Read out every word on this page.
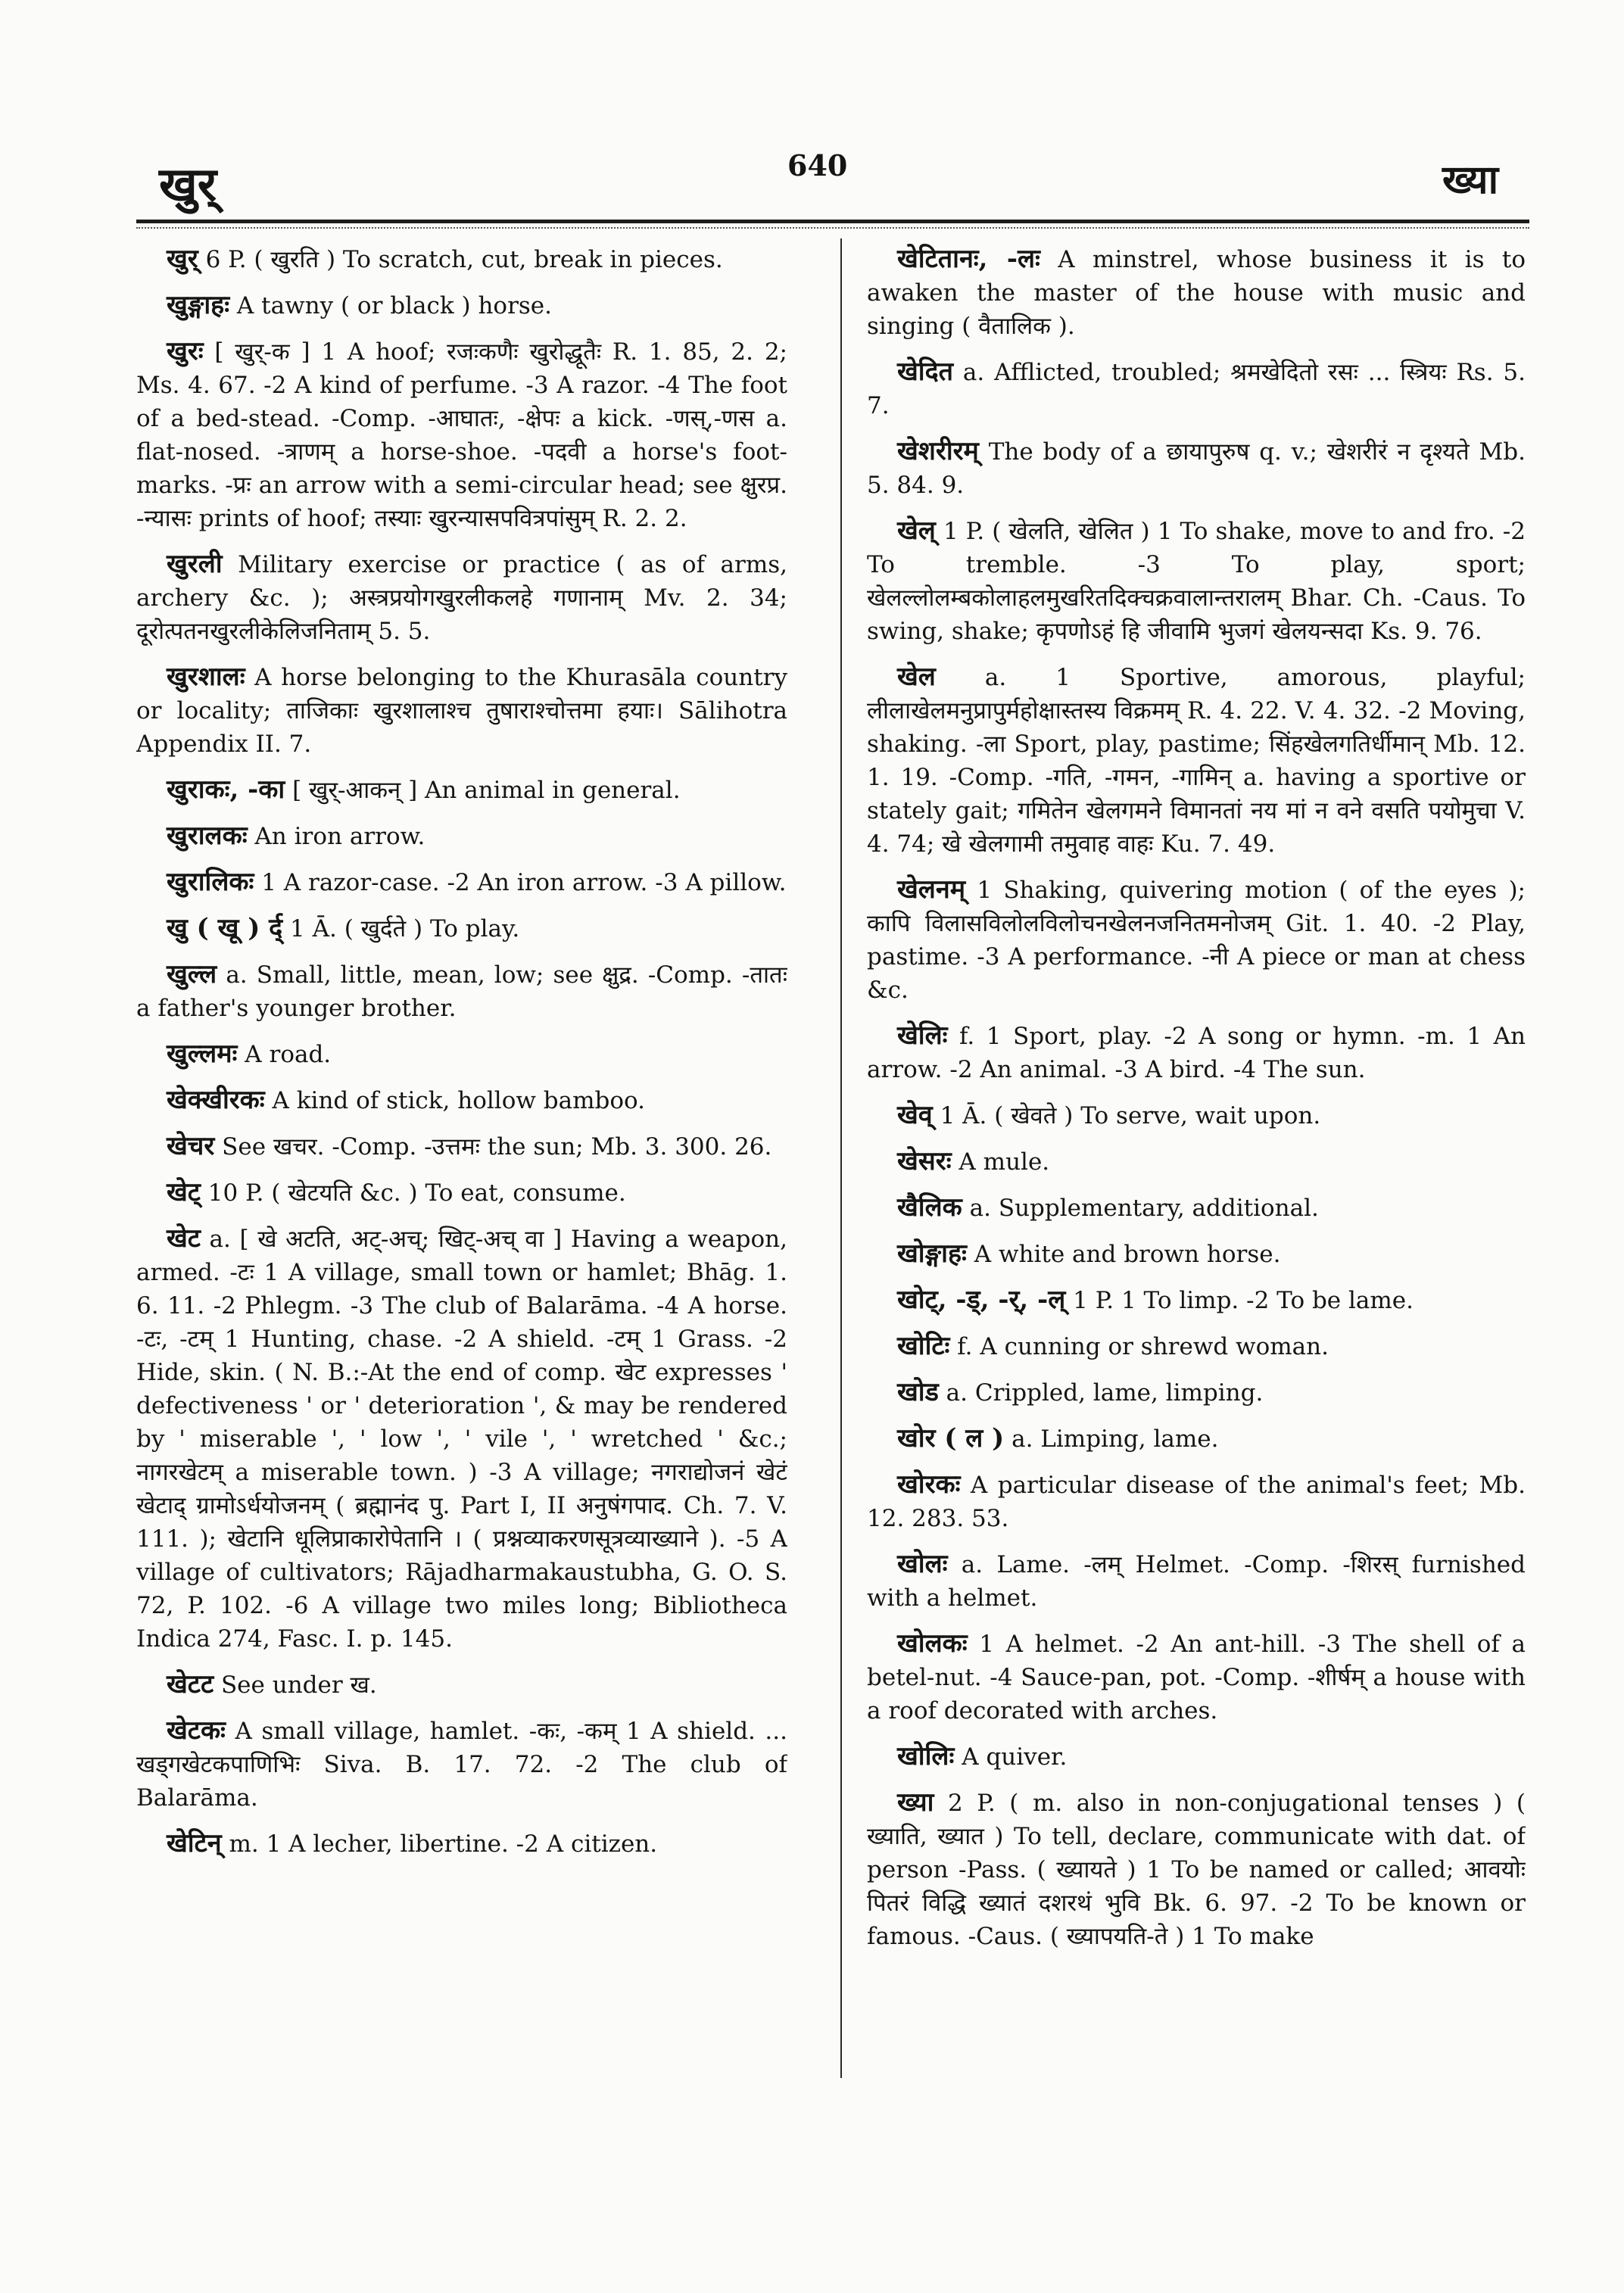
खुर्	640	ख्या

खुर् 6 P. ( खुरति ) To scratch, cut, break in pieces.

खुङ्गाहः A tawny ( or black ) horse.

खुरः [ खुर्-क ] 1 A hoof; रजःकणैः खुरोद्धूतैः R. 1. 85, 2. 2; Ms. 4. 67. -2 A kind of perfume. -3 A razor. -4 The foot of a bed-stead. -Comp. -आघातः, -क्षेपः a kick. -णस्,-णस a. flat-nosed. -त्राणम् a horse-shoe. -पदवी a horse's foot-marks. -प्रः an arrow with a semi-circular head; see क्षुरप्र. -न्यासः prints of hoof; तस्याः खुरन्यासपवित्रपांसुम् R. 2. 2.

खुरली Military exercise or practice ( as of arms, archery &c. ); अस्त्रप्रयोगखुरलीकलहे गणानाम् Mv. 2. 34; दूरोत्पतनखुरलीकेलिजनिताम् 5. 5.

खुरशालः A horse belonging to the Khurasāla country or locality; ताजिकाः खुरशालाश्च तुषाराश्चोत्तमा हयाः। Sālihotra Appendix II. 7.

खुराकः, -का [ खुर्-आकन् ] An animal in general.

खुरालकः An iron arrow.

खुरालिकः 1 A razor-case. -2 An iron arrow. -3 A pillow.

खु ( खू ) र्द् 1 Ā. ( खुर्दते ) To play.

खुल्ल a. Small, little, mean, low; see क्षुद्र. -Comp. -तातः a father's younger brother.

खुल्लमः A road.

खेक्खीरकः A kind of stick, hollow bamboo.

खेचर See खचर. -Comp. -उत्तमः the sun; Mb. 3. 300. 26.

खेट् 10 P. ( खेटयति &c. ) To eat, consume.

खेट a. [ खे अटति, अट्-अच्; खिट्-अच् वा ] Having a weapon, armed. -टः 1 A village, small town or hamlet; Bhāg. 1. 6. 11. -2 Phlegm. -3 The club of Balarāma. -4 A horse. -टः, -टम् 1 Hunting, chase. -2 A shield. -टम् 1 Grass. -2 Hide, skin. ( N. B.:-At the end of comp. खेट expresses ' defectiveness ' or ' deterioration ', & may be rendered by ' miserable ', ' low ', ' vile ', ' wretched ' &c.; नागरखेटम् a miserable town. ) -3 A village; नगराद्योजनं खेटं खेटाद् ग्रामोऽर्धयोजनम् ( ब्रह्मानंद पु. Part I, II अनुषंगपाद. Ch. 7. V. 111. ); खेटानि धूलिप्राकारोपेतानि । ( प्रश्नव्याकरणसूत्रव्याख्याने ). -5 A village of cultivators; Rājadharmakaustubha, G. O. S. 72, P. 102. -6 A village two miles long; Bibliotheca Indica 274, Fasc. I. p. 145.

खेटट See under ख.

खेटकः A small village, hamlet. -कः, -कम् 1 A shield. ... खड्गखेटकपाणिभिः Siva. B. 17. 72. -2 The club of Balarāma.

खेटिन् m. 1 A lecher, libertine. -2 A citizen.

खेटितानः, -लः A minstrel, whose business it is to awaken the master of the house with music and singing ( वैतालिक ).

खेदित a. Afflicted, troubled; श्रमखेदितो रसः ... स्त्रियः Rs. 5. 7.

खेशरीरम् The body of a छायापुरुष q. v.; खेशरीरं न दृश्यते Mb. 5. 84. 9.

खेल् 1 P. ( खेलति, खेलित ) 1 To shake, move to and fro. -2 To tremble. -3 To play, sport; खेलल्लोलम्बकोलाहलमुखरितदिक्चक्रवालान्तरालम् Bhar. Ch. -Caus. To swing, shake; कृपणोऽहं हि जीवामि भुजगं खेलयन्सदा Ks. 9. 76.

खेल a. 1 Sportive, amorous, playful; लीलाखेलमनुप्रापुर्महोक्षास्तस्य विक्रमम् R. 4. 22. V. 4. 32. -2 Moving, shaking. -ला Sport, play, pastime; सिंहखेलगतिर्धीमान् Mb. 12. 1. 19. -Comp. -गति, -गमन, -गामिन् a. having a sportive or stately gait; गमितेन खेलगमने विमानतां नय मां न वने वसति पयोमुचा V. 4. 74; खे खेलगामी तमुवाह वाहः Ku. 7. 49.

खेलनम् 1 Shaking, quivering motion ( of the eyes ); कापि विलासविलोलविलोचनखेलनजनितमनोजम् Git. 1. 40. -2 Play, pastime. -3 A performance. -नी A piece or man at chess &c.

खेलिः f. 1 Sport, play. -2 A song or hymn. -m. 1 An arrow. -2 An animal. -3 A bird. -4 The sun.

खेव् 1 Ā. ( खेवते ) To serve, wait upon.

खेसरः A mule.

खैलिक a. Supplementary, additional.

खोङ्गाहः A white and brown horse.

खोट्, -ड्, -र्, -ल् 1 P. 1 To limp. -2 To be lame.

खोटिः f. A cunning or shrewd woman.

खोड a. Crippled, lame, limping.

खोर ( ल ) a. Limping, lame.

खोरकः A particular disease of the animal's feet; Mb. 12. 283. 53.

खोलः a. Lame. -लम् Helmet. -Comp. -शिरस् furnished with a helmet.

खोलकः 1 A helmet. -2 An ant-hill. -3 The shell of a betel-nut. -4 Sauce-pan, pot. -Comp. -शीर्षम् a house with a roof decorated with arches.

खोलिः A quiver.

ख्या 2 P. ( m. also in non-conjugational tenses ) ( ख्याति, ख्यात ) To tell, declare, communicate with dat. of person -Pass. ( ख्यायते ) 1 To be named or called; आवयोः पितरं विद्धि ख्यातं दशरथं भुवि Bk. 6. 97. -2 To be known or famous. -Caus. ( ख्यापयति-ते ) 1 To make
